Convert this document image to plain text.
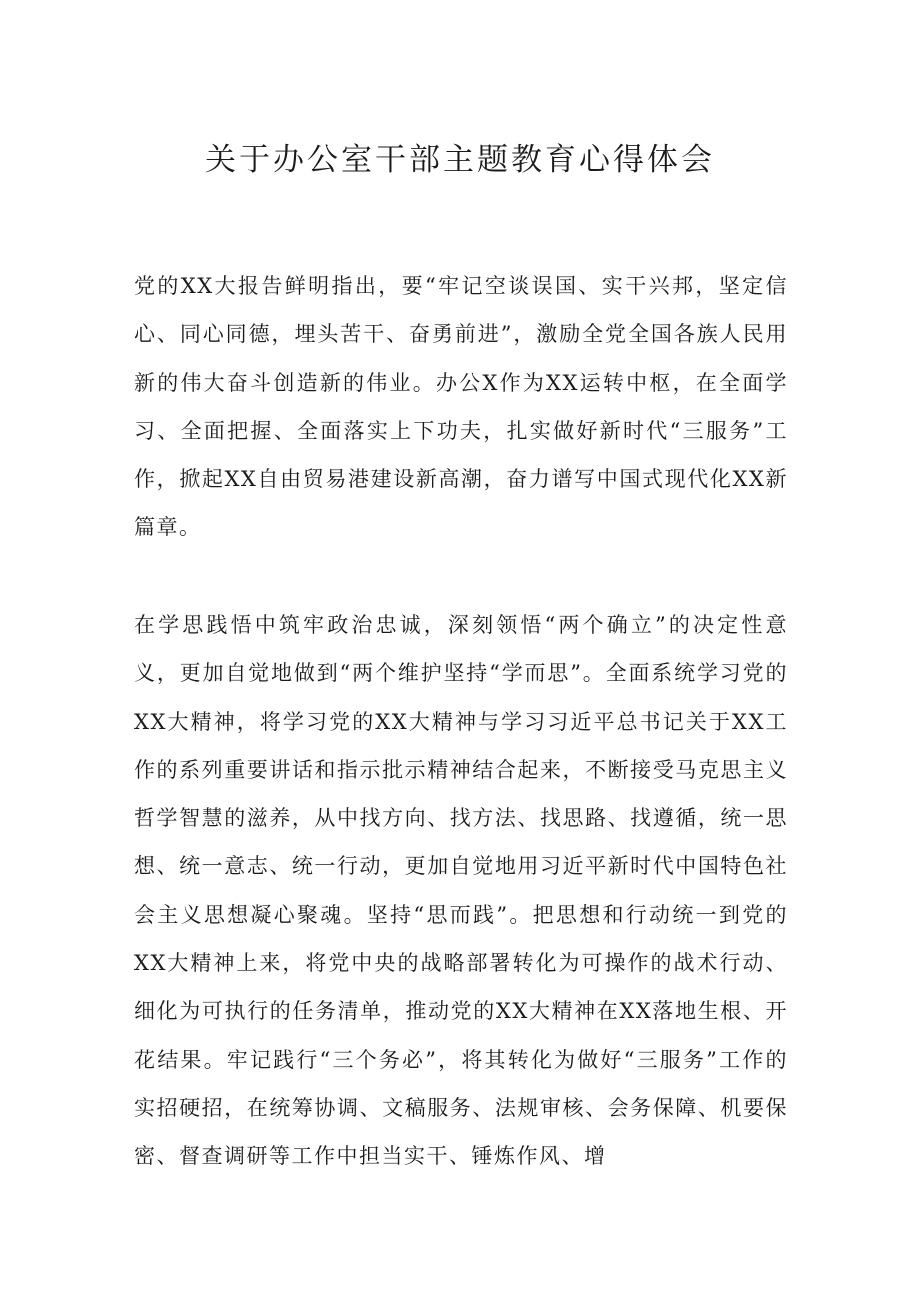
关于办公室干部主题教育心得体会

党的XX大报告鲜明指出，要“牢记空谈误国、实干兴邦，坚定信心、同心同德，埋头苦干、奋勇前进”，激励全党全国各族人民用新的伟大奋斗创造新的伟业。办公X作为XX运转中枢，在全面学习、全面把握、全面落实上下功夫，扎实做好新时代“三服务”工作，掀起XX自由贸易港建设新高潮，奋力谱写中国式现代化XX新篇章。

在学思践悟中筑牢政治忠诚，深刻领悟“两个确立”的决定性意义，更加自觉地做到“两个维护坚持“学而思”。全面系统学习党的XX大精神，将学习党的XX大精神与学习习近平总书记关于XX工作的系列重要讲话和指示批示精神结合起来，不断接受马克思主义哲学智慧的滋养，从中找方向、找方法、找思路、找遵循，统一思想、统一意志、统一行动，更加自觉地用习近平新时代中国特色社会主义思想凝心聚魂。坚持“思而践”。把思想和行动统一到党的XX大精神上来，将党中央的战略部署转化为可操作的战术行动、细化为可执行的任务清单，推动党的XX大精神在XX落地生根、开花结果。牢记践行“三个务必”，将其转化为做好“三服务”工作的实招硬招，在统筹协调、文稿服务、法规审核、会务保障、机要保密、督查调研等工作中担当实干、锤炼作风、增
